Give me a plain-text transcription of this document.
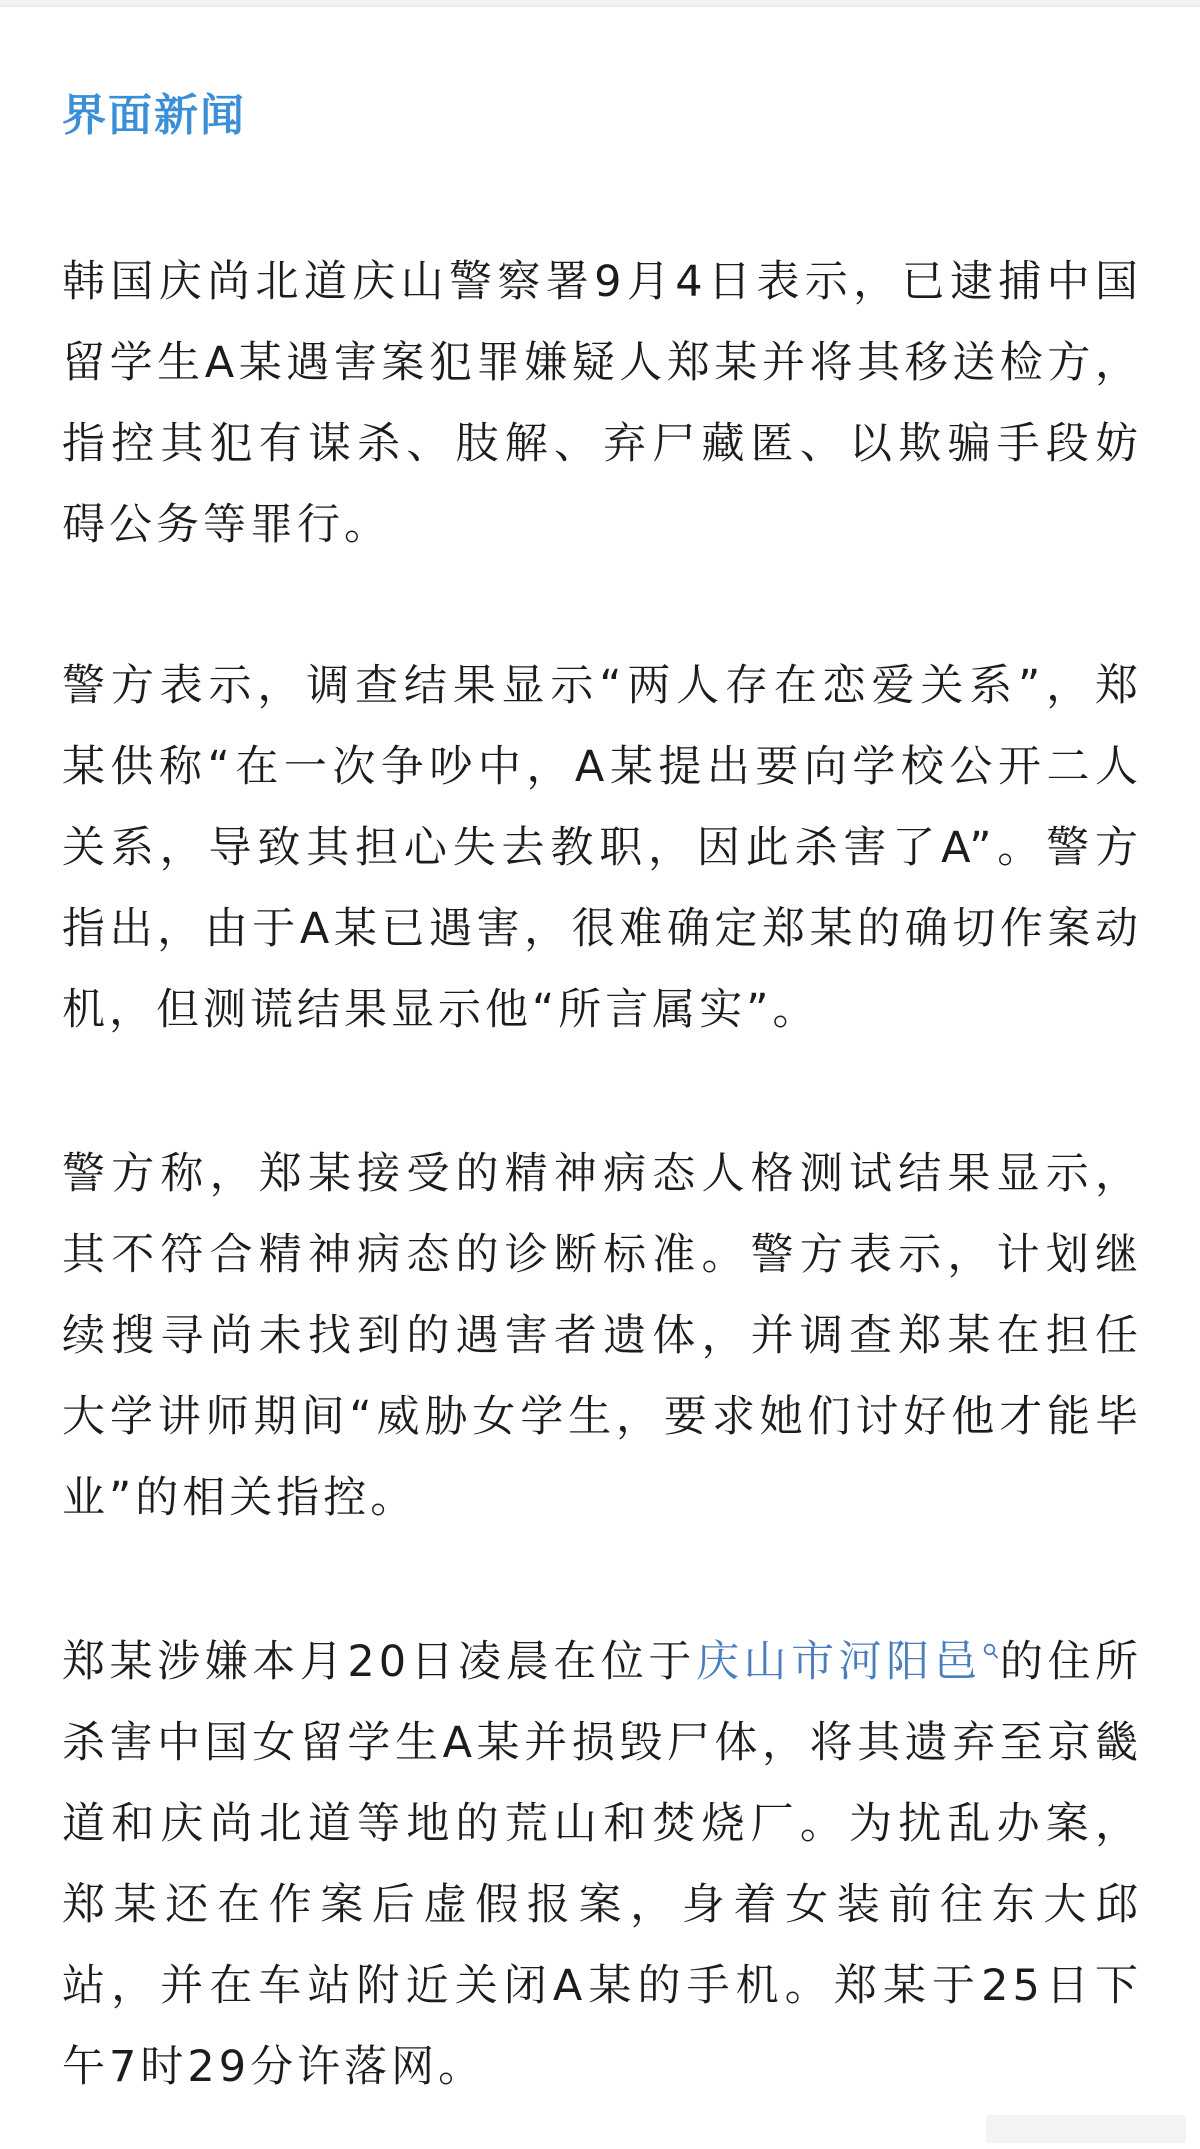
界面新闻

韩国庆尚北道庆山警察署9月4日表示，已逮捕中国留学生A某遇害案犯罪嫌疑人郑某并将其移送检方，指控其犯有谋杀、肢解、弃尸藏匿、以欺骗手段妨碍公务等罪行。

警方表示，调查结果显示“两人存在恋爱关系”，郑某供称“在一次争吵中，A某提出要向学校公开二人关系，导致其担心失去教职，因此杀害了A”。警方指出，由于A某已遇害，很难确定郑某的确切作案动机，但测谎结果显示他“所言属实”。

警方称，郑某接受的精神病态人格测试结果显示，其不符合精神病态的诊断标准。警方表示，计划继续搜寻尚未找到的遇害者遗体，并调查郑某在担任大学讲师期间“威胁女学生，要求她们讨好他才能毕业”的相关指控。

郑某涉嫌本月20日凌晨在位于庆山市河阳邑 的住所杀害中国女留学生A某并损毁尸体，将其遗弃至京畿道和庆尚北道等地的荒山和焚烧厂。为扰乱办案，郑某还在作案后虚假报案，身着女装前往东大邱站，并在车站附近关闭A某的手机。郑某于25日下午7时29分许落网。
